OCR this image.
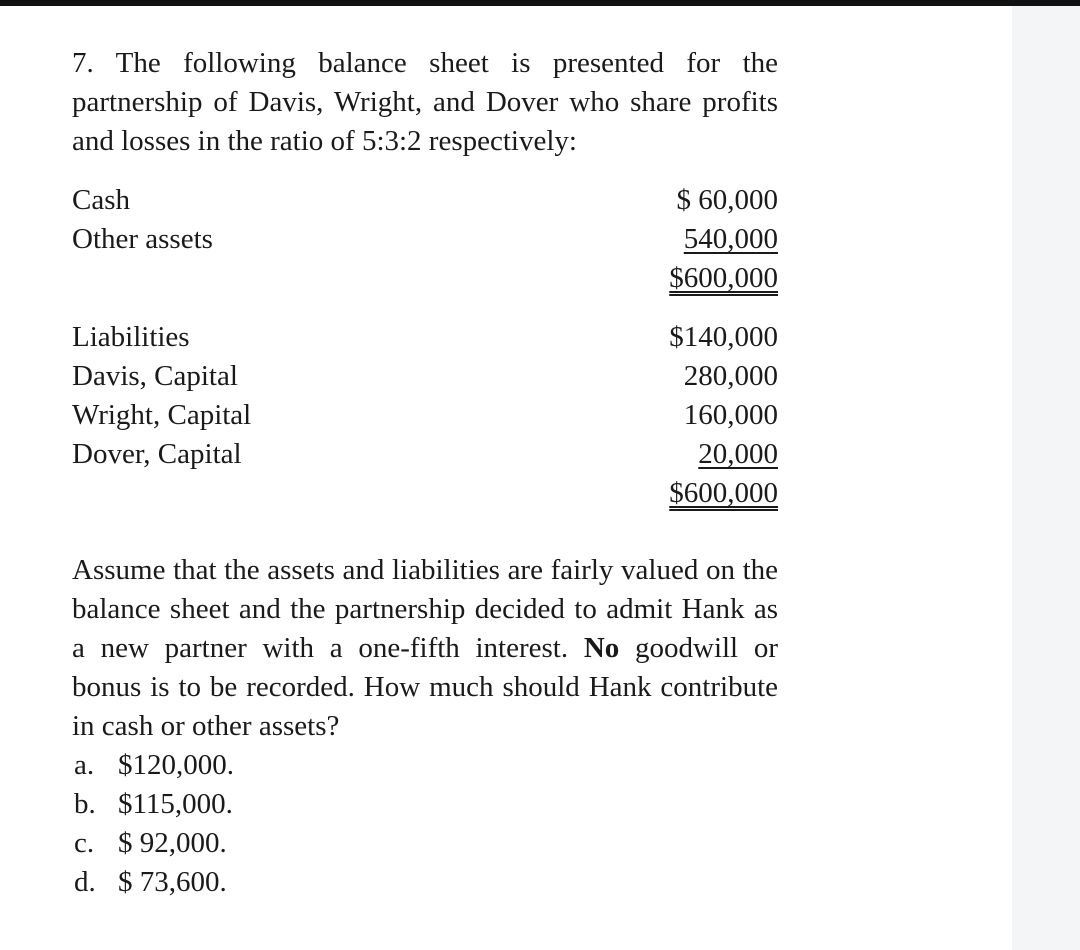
7. The following balance sheet is presented for the partnership of Davis, Wright, and Dover who share profits and losses in the ratio of 5:3:2 respectively:

Cash	$ 60,000
Other assets	540,000
$600,000
Liabilities	$140,000
Davis, Capital	280,000
Wright, Capital	160,000
Dover, Capital	20,000
$600,000

Assume that the assets and liabilities are fairly valued on the balance sheet and the partnership decided to admit Hank as a new partner with a one-fifth interest. No goodwill or bonus is to be recorded. How much should Hank contribute in cash or other assets?

a. $120,000.
b. $115,000.
c. $ 92,000.
d. $ 73,600.
